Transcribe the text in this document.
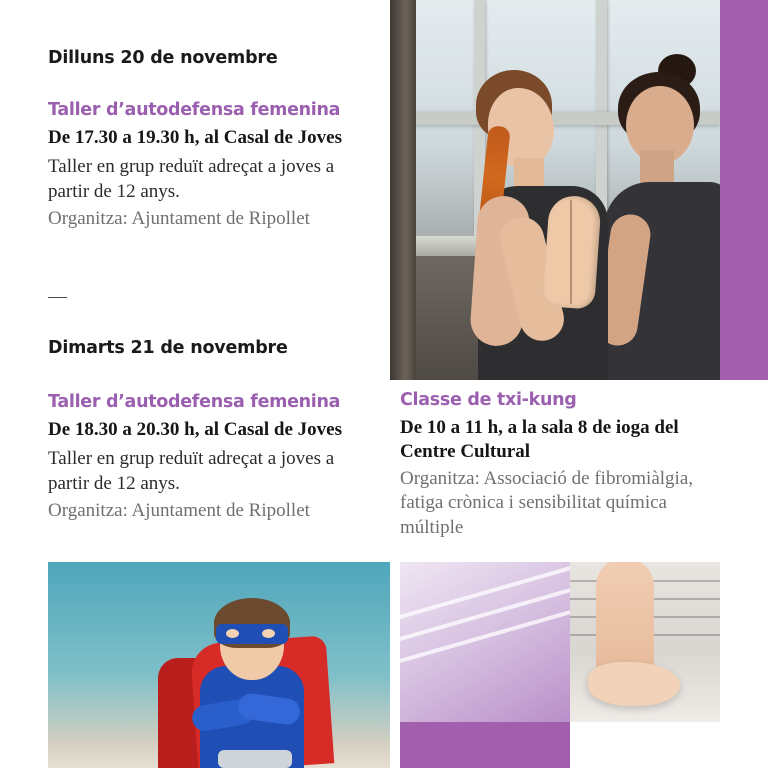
Dilluns 20 de novembre

Taller d’autodefensa femenina

De 17.30 a 19.30 h, al Casal de Joves

Taller en grup reduït adreçat a joves a partir de 12 anys.

Organitza: Ajuntament de Ripollet

—

Dimarts 21 de novembre

Taller d’autodefensa femenina

De 18.30 a 20.30 h, al Casal de Joves

Taller en grup reduït adreçat a joves a partir de 12 anys.

Organitza: Ajuntament de Ripollet

Classe de txi-kung

De 10 a 11 h, a la sala 8 de ioga del Centre Cultural

Organitza: Associació de fibromiàlgia, fatiga crònica i sensibilitat química múltiple
